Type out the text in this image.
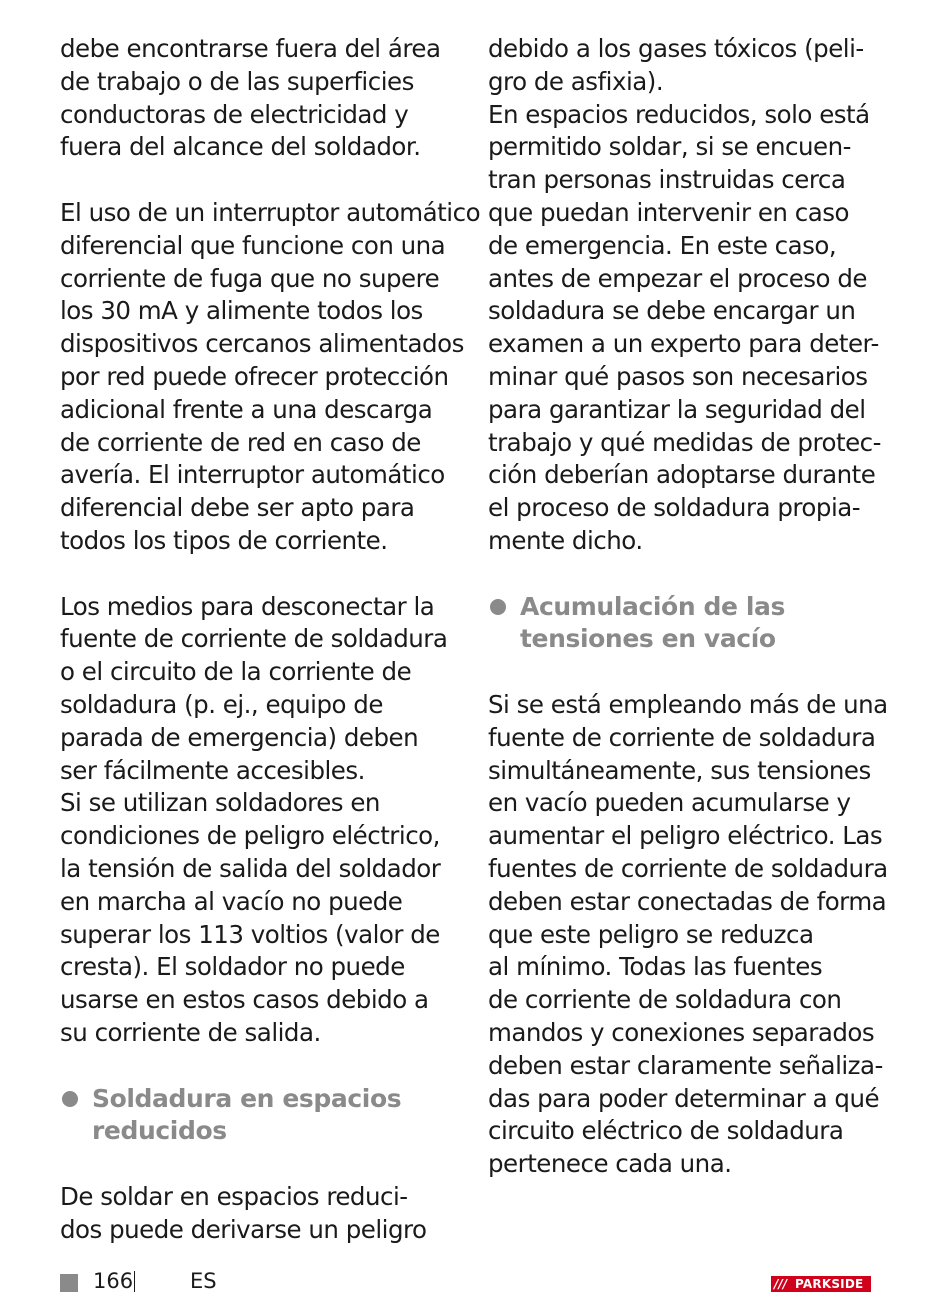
debe encontrarse fuera del área
de trabajo o de las superficies
conductoras de electricidad y
fuera del alcance del soldador.
El uso de un interruptor automático
diferencial que funcione con una
corriente de fuga que no supere
los 30 mA y alimente todos los
dispositivos cercanos alimentados
por red puede ofrecer protección
adicional frente a una descarga
de corriente de red en caso de
avería. El interruptor automático
diferencial debe ser apto para
todos los tipos de corriente.
Los medios para desconectar la
fuente de corriente de soldadura
o el circuito de la corriente de
soldadura (p. ej., equipo de
parada de emergencia) deben
ser fácilmente accesibles.
Si se utilizan soldadores en
condiciones de peligro eléctrico,
la tensión de salida del soldador
en marcha al vacío no puede
superar los 113 voltios (valor de
cresta). El soldador no puede
usarse en estos casos debido a
su corriente de salida.
Soldadura en espacios
reducidos
De soldar en espacios reduci-
dos puede derivarse un peligro
debido a los gases tóxicos (peli-
gro de asfixia).
En espacios reducidos, solo está
permitido soldar, si se encuen-
tran personas instruidas cerca
que puedan intervenir en caso
de emergencia. En este caso,
antes de empezar el proceso de
soldadura se debe encargar un
examen a un experto para deter-
minar qué pasos son necesarios
para garantizar la seguridad del
trabajo y qué medidas de protec-
ción deberían adoptarse durante
el proceso de soldadura propia-
mente dicho.
Acumulación de las
tensiones en vacío
Si se está empleando más de una
fuente de corriente de soldadura
simultáneamente, sus tensiones
en vacío pueden acumularse y
aumentar el peligro eléctrico. Las
fuentes de corriente de soldadura
deben estar conectadas de forma
que este peligro se reduzca
al mínimo. Todas las fuentes
de corriente de soldadura con
mandos y conexiones separados
deben estar claramente señaliza-
das para poder determinar a qué
circuito eléctrico de soldadura
pertenece cada una.
166	ES	/// PARKSIDE
